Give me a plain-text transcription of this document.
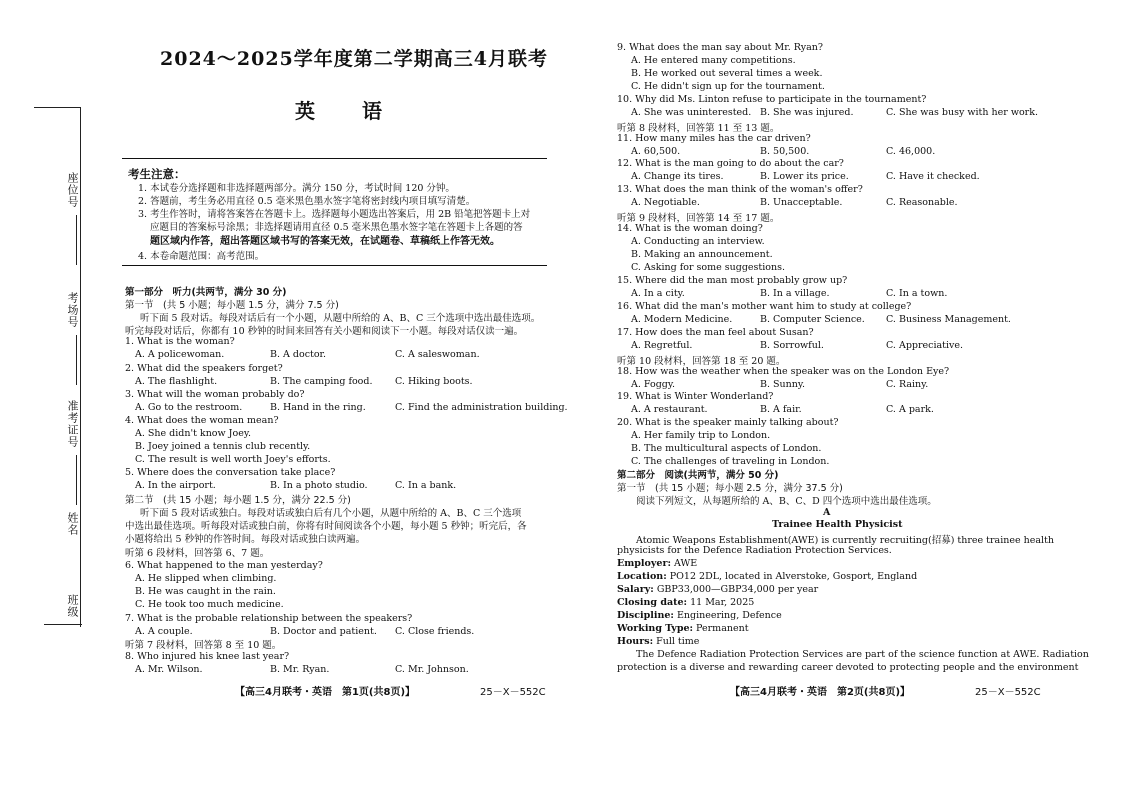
座位号
考场号
准考证号
姓名
班级
2024～2025学年度第二学期高三4月联考
英 语
考生注意：
1. 本试卷分选择题和非选择题两部分。满分 150 分，考试时间 120 分钟。
2. 答题前，考生务必用直径 0.5 毫米黑色墨水签字笔将密封线内项目填写清楚。
3. 考生作答时，请将答案答在答题卡上。选择题每小题选出答案后，用 2B 铅笔把答题卡上对
应题目的答案标号涂黑；非选择题请用直径 0.5 毫米黑色墨水签字笔在答题卡上各题的答
题区域内作答，超出答题区域书写的答案无效，在试题卷、草稿纸上作答无效。
4. 本卷命题范围：高考范围。
第一部分　听力(共两节，满分 30 分)
第一节　(共 5 小题；每小题 1.5 分，满分 7.5 分)
听下面 5 段对话。每段对话后有一个小题，从题中所给的 A、B、C 三个选项中选出最佳选项。
听完每段对话后，你都有 10 秒钟的时间来回答有关小题和阅读下一小题。每段对话仅读一遍。
1. What is the woman?
A. A policewoman.	B. A doctor.	C. A saleswoman.
2. What did the speakers forget?
A. The flashlight.	B. The camping food. C. Hiking boots.
3. What will the woman probably do?
A. Go to the restroom.	B. Hand in the ring.	C. Find the administration building.
4. What does the woman mean?
A. She didn't know Joey.
B. Joey joined a tennis club recently.
C. The result is well worth Joey's efforts.
5. Where does the conversation take place?
A. In the airport.	B. In a photo studio.	C. In a bank.
6. What happened to the man yesterday?
A. He slipped when climbing.
B. He was caught in the rain.
C. He took too much medicine.
7. What is the probable relationship between the speakers?
A. A couple.	B. Doctor and patient. C. Close friends.
8. Who injured his knee last year?
A. Mr. Wilson.	B. Mr. Ryan.	C. Mr. Johnson.
第二节　(共 15 小题；每小题 1.5 分，满分 22.5 分)
听下面 5 段对话或独白。每段对话或独白后有几个小题，从题中所给的 A、B、C 三个选项
中选出最佳选项。听每段对话或独白前，你将有时间阅读各个小题，每小题 5 秒钟；听完后，各
小题将给出 5 秒钟的作答时间。每段对话或独白读两遍。
听第 6 段材料，回答第 6、7 题。
听第 7 段材料，回答第 8 至 10 题。
【高三4月联考・英语　第1页(共8页)】	25－X－552C
9. What does the man say about Mr. Ryan?
A. He entered many competitions.
B. He worked out several times a week.
C. He didn't sign up for the tournament.
10. Why did Ms. Linton refuse to participate in the tournament?
A. She was uninterested. B. She was injured.	C. She was busy with her work.
11. How many miles has the car driven?
A. 60,500.	B. 50,500.	C. 46,000.
12. What is the man going to do about the car?
A. Change its tires.	B. Lower its price.	C. Have it checked.
13. What does the man think of the woman's offer?
A. Negotiable.	B. Unacceptable.	C. Reasonable.
14. What is the woman doing?
A. Conducting an interview.
B. Making an announcement.
C. Asking for some suggestions.
15. Where did the man most probably grow up?
A. In a city.	B. In a village.	C. In a town.
16. What did the man's mother want him to study at college?
A. Modern Medicine.	B. Computer Science. C. Business Management.
17. How does the man feel about Susan?
A. Regretful.	B. Sorrowful.	C. Appreciative.
18. How was the weather when the speaker was on the London Eye?
A. Foggy.	B. Sunny.	C. Rainy.
19. What is Winter Wonderland?
A. A restaurant.	B. A fair.	C. A park.
20. What is the speaker mainly talking about?
A. Her family trip to London.
B. The multicultural aspects of London.
C. The challenges of traveling in London.
听第 8 段材料，回答第 11 至 13 题。
听第 9 段材料，回答第 14 至 17 题。
听第 10 段材料，回答第 18 至 20 题。
第二部分　阅读(共两节，满分 50 分)
第一节　(共 15 小题；每小题 2.5 分，满分 37.5 分)
阅读下列短文，从每题所给的 A、B、C、D 四个选项中选出最佳选项。
A
Trainee Health Physicist
Atomic Weapons Establishment(AWE) is currently recruiting(招募) three trainee health
physicists for the Defence Radiation Protection Services.
Employer: AWE
Location: PO12 2DL, located in Alverstoke, Gosport, England
Salary: GBP33,000—GBP34,000 per year
Closing date: 11 Mar, 2025
Discipline: Engineering, Defence
Working Type: Permanent
Hours: Full time
The Defence Radiation Protection Services are part of the science function at AWE. Radiation
protection is a diverse and rewarding career devoted to protecting people and the environment
【高三4月联考・英语　第2页(共8页)】	25－X－552C
